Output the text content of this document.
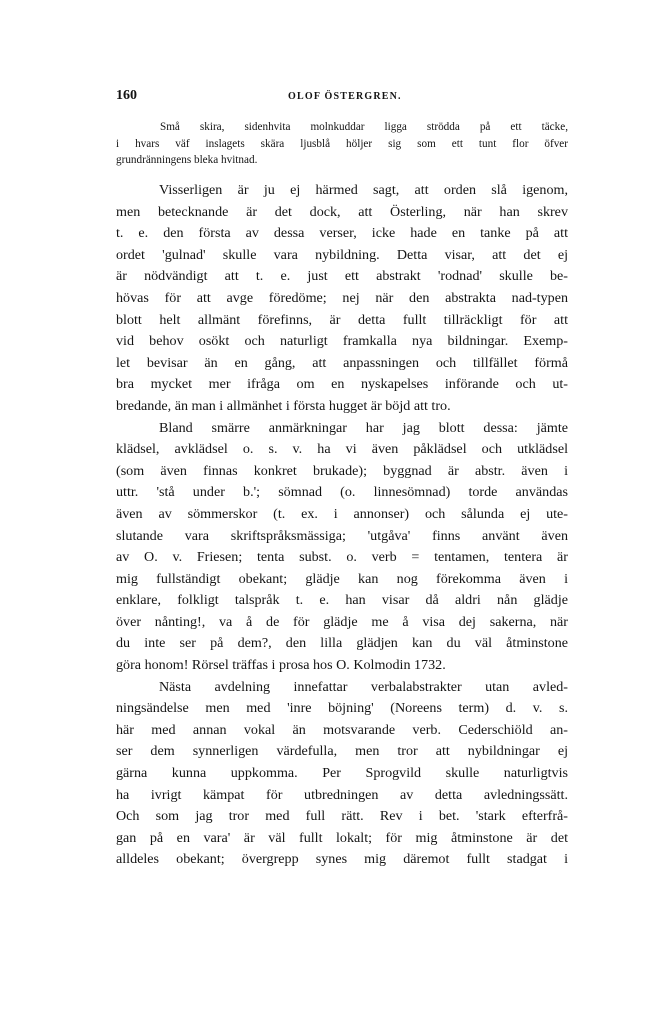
160	OLOF ÖSTERGREN.
Små skira, sidenhvita molnkuddar ligga strödda på ett täcke,
i hvars väf inslagets skära ljusblå höljer sig som ett tunt flor öfver
grundränningens bleka hvitnad.
Visserligen är ju ej härmed sagt, att orden slå igenom,
men betecknande är det dock, att Österling, när han skrev
t. e. den första av dessa verser, icke hade en tanke på att
ordet 'gulnad' skulle vara nybildning. Detta visar, att det ej
är nödvändigt att t. e. just ett abstrakt 'rodnad' skulle be-
hövas för att avge föredöme; nej när den abstrakta nad-typen
blott helt allmänt förefinns, är detta fullt tillräckligt för att
vid behov osökt och naturligt framkalla nya bildningar. Exemp-
let bevisar än en gång, att anpassningen och tillfället förmå
bra mycket mer ifråga om en nyskapelses införande och ut-
bredande, än man i allmänhet i första hugget är böjd att tro.
Bland smärre anmärkningar har jag blott dessa: jämte
klädsel, avklädsel o. s. v. ha vi även påklädsel och utklädsel
(som även finnas konkret brukade); byggnad är abstr. även i
uttr. 'stå under b.'; sömnad (o. linnesömnad) torde användas
även av sömmerskor (t. ex. i annonser) och sålunda ej ute-
slutande vara skriftspråksmässiga; 'utgåva' finns använt även
av O. v. Friesen; tenta subst. o. verb = tentamen, tentera är
mig fullständigt obekant; glädje kan nog förekomma även i
enklare, folkligt talspråk t. e. han visar då aldri nån glädje
över nånting!, va å de för glädje me å visa dej sakerna, när
du inte ser på dem?, den lilla glädjen kan du väl åtminstone
göra honom! Rörsel träffas i prosa hos O. Kolmodin 1732.
Nästa avdelning innefattar verbalabstrakter utan avled-
ningsändelse men med 'inre böjning' (Noreens term) d. v. s.
här med annan vokal än motsvarande verb. Cederschiöld an-
ser dem synnerligen värdefulla, men tror att nybildningar ej
gärna kunna uppkomma. Per Sprogvild skulle naturligtvis
ha ivrigt kämpat för utbredningen av detta avledningssätt.
Och som jag tror med full rätt. Rev i bet. 'stark efterfrå-
gan på en vara' är väl fullt lokalt; för mig åtminstone är det
alldeles obekant; övergrepp synes mig däremot fullt stadgat i
